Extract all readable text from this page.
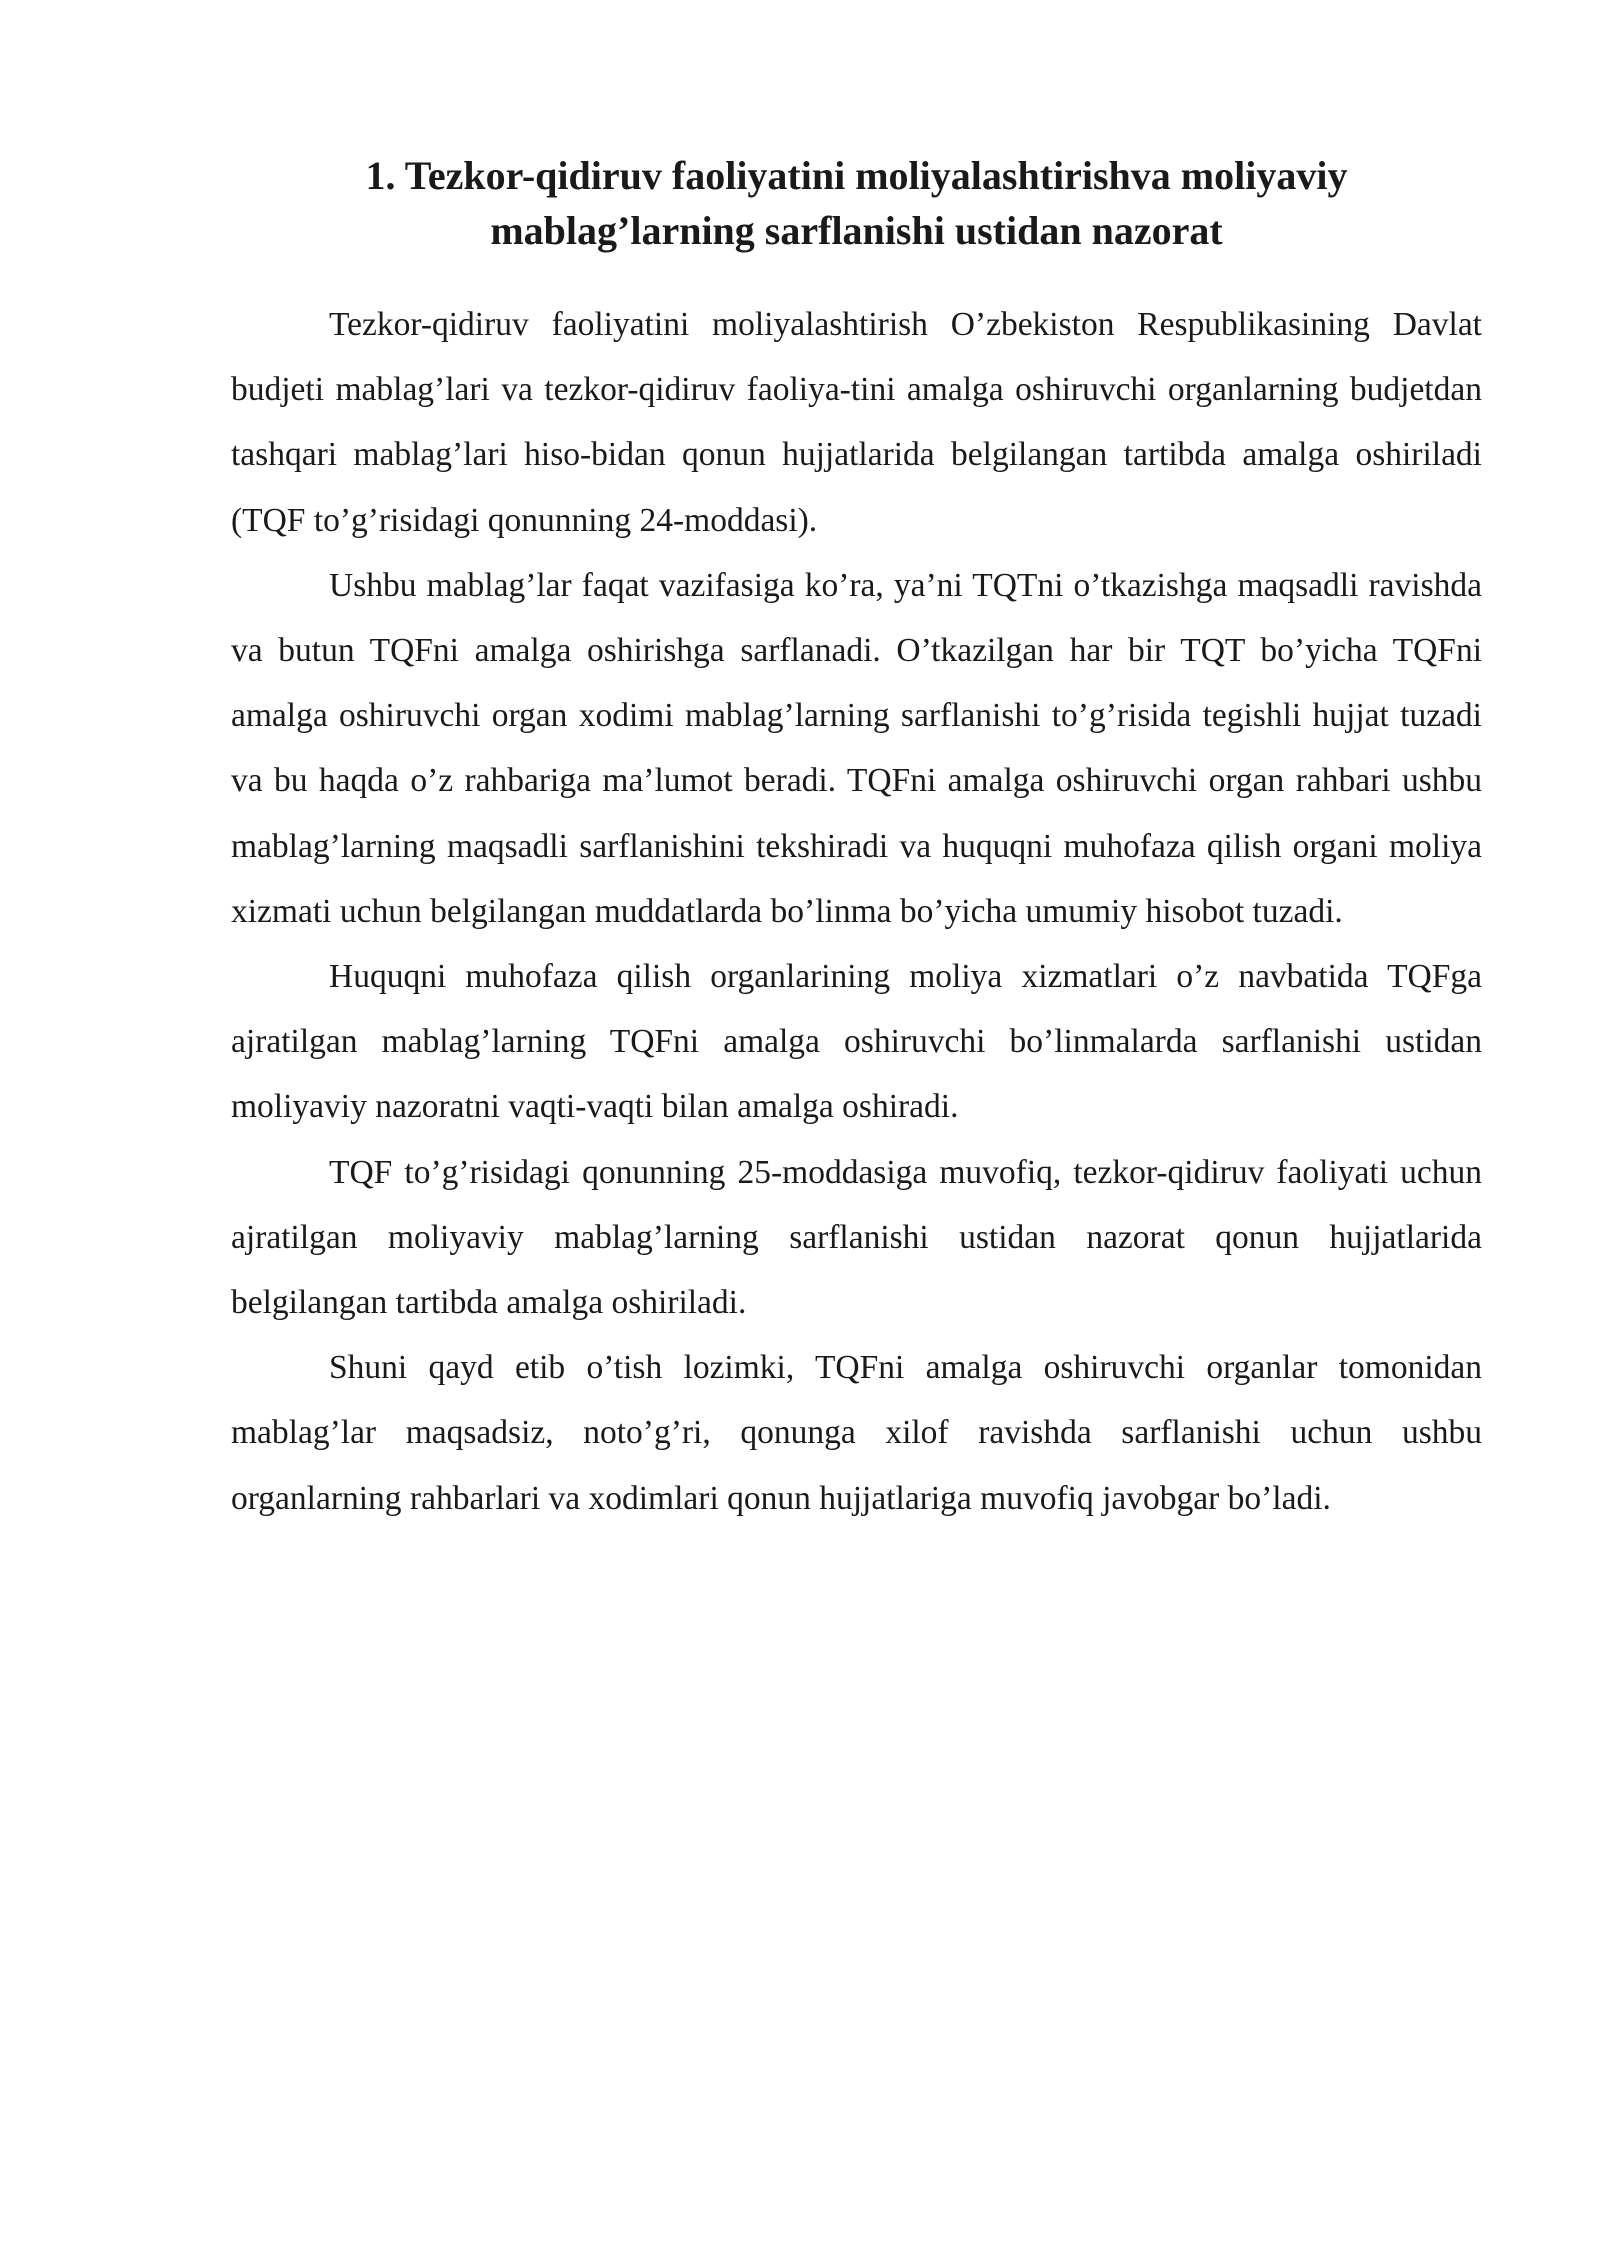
1. Tezkor-qidiruv faoliyatini moliyalashtirishva moliyaviy
mablag’larning sarflanishi ustidan nazorat

Tezkor-qidiruv faoliyatini moliyalashtirish O’zbekiston Respublikasining Davlat budjeti mablag’lari va tezkor-qidiruv faoliya-tini amalga oshiruvchi organlarning budjetdan tashqari mablag’lari hiso-bidan qonun hujjatlarida belgilangan tartibda amalga oshiriladi (TQF to’g’risidagi qonunning 24-moddasi).

Ushbu mablag’lar faqat vazifasiga ko’ra, ya’ni TQTni o’tkazishga maqsadli ravishda va butun TQFni amalga oshirishga sarflanadi. O’tkazilgan har bir TQT bo’yicha TQFni amalga oshiruvchi organ xodimi mablag’larning sarflanishi to’g’risida tegishli hujjat tuzadi va bu haqda o’z rahbariga ma’lumot beradi. TQFni amalga oshiruvchi organ rahbari ushbu mablag’larning maqsadli sarflanishini tekshiradi va huquqni muhofaza qilish organi moliya xizmati uchun belgilangan muddatlarda bo’linma bo’yicha umumiy hisobot tuzadi.

Huquqni muhofaza qilish organlarining moliya xizmatlari o’z navbatida TQFga ajratilgan mablag’larning TQFni amalga oshiruvchi bo’linmalarda sarflanishi ustidan moliyaviy nazoratni vaqti-vaqti bilan amalga oshiradi.

TQF to’g’risidagi qonunning 25-moddasiga muvofiq, tezkor-qidiruv faoliyati uchun ajratilgan moliyaviy mablag’larning sarflanishi ustidan nazorat qonun hujjatlarida belgilangan tartibda amalga oshiriladi.

Shuni qayd etib o’tish lozimki, TQFni amalga oshiruvchi organlar tomonidan mablag’lar maqsadsiz, noto’g’ri, qonunga xilof ravishda sarflanishi uchun ushbu organlarning rahbarlari va xodimlari qonun hujjatlariga muvofiq javobgar bo’ladi.
